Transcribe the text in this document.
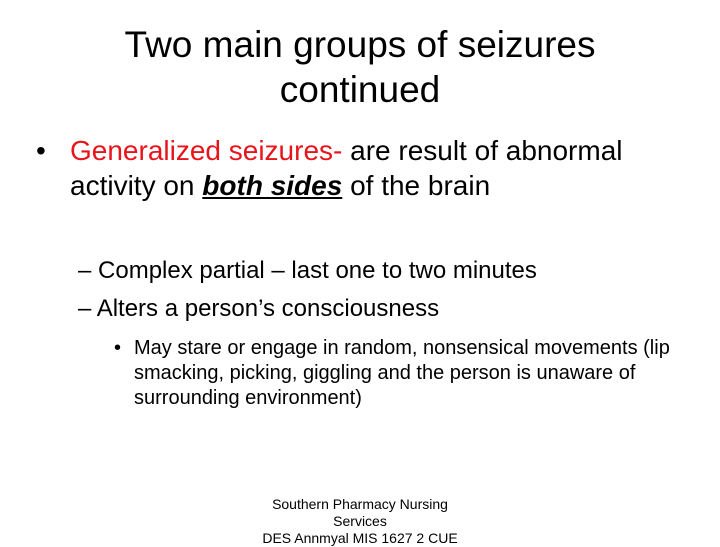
Two main groups of seizures
continued
• Generalized seizures- are result of abnormal activity on both sides of the brain
– Complex partial – last one to two minutes
– Alters a person’s consciousness
• May stare or engage in random, nonsensical movements (lip smacking, picking, giggling and the person is unaware of surrounding environment)
Southern Pharmacy Nursing
Services
DES Annmyal MIS 1627 2 CUE
